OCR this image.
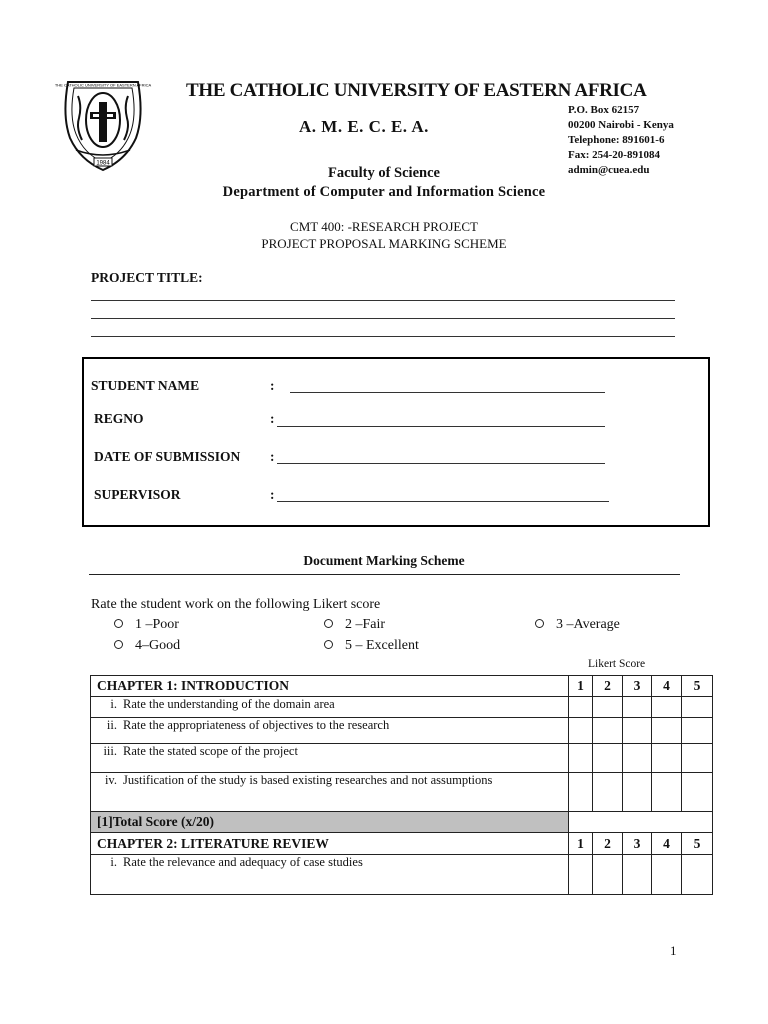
1984
THE CATHOLIC UNIVERSITY OF EASTERN AFRICA THE CATHOLIC UNIVERSITY OF EASTERN AFRICA
A. M. E. C. E. A.
P.O. Box 62157
00200 Nairobi - Kenya
Telephone: 891601-6
Fax: 254-20-891084
admin@cuea.edu
Faculty of Science
Department of Computer and Information Science
CMT 400: -RESEARCH PROJECT
PROJECT PROPOSAL MARKING SCHEME
PROJECT TITLE:
STUDENT NAME	:
REGNO	:
DATE OF SUBMISSION :
SUPERVISOR	:
Document Marking Scheme
Rate the student work on the following Likert score
1 –Poor	2 –Fair	3 –Average
4–Good	5 – Excellent
Likert Score
CHAPTER 1: INTRODUCTION	1	2	3	4	5
i. Rate the understanding of the domain area					
ii. Rate the appropriateness of objectives to the research					
iii. Rate the stated scope of the project					
iv. Justification of the study is based existing researches and not assumptions					
[1]Total Score (x/20)					
CHAPTER 2: LITERATURE REVIEW	1	2	3	4	5
i. Rate the relevance and adequacy of case studies					
1
